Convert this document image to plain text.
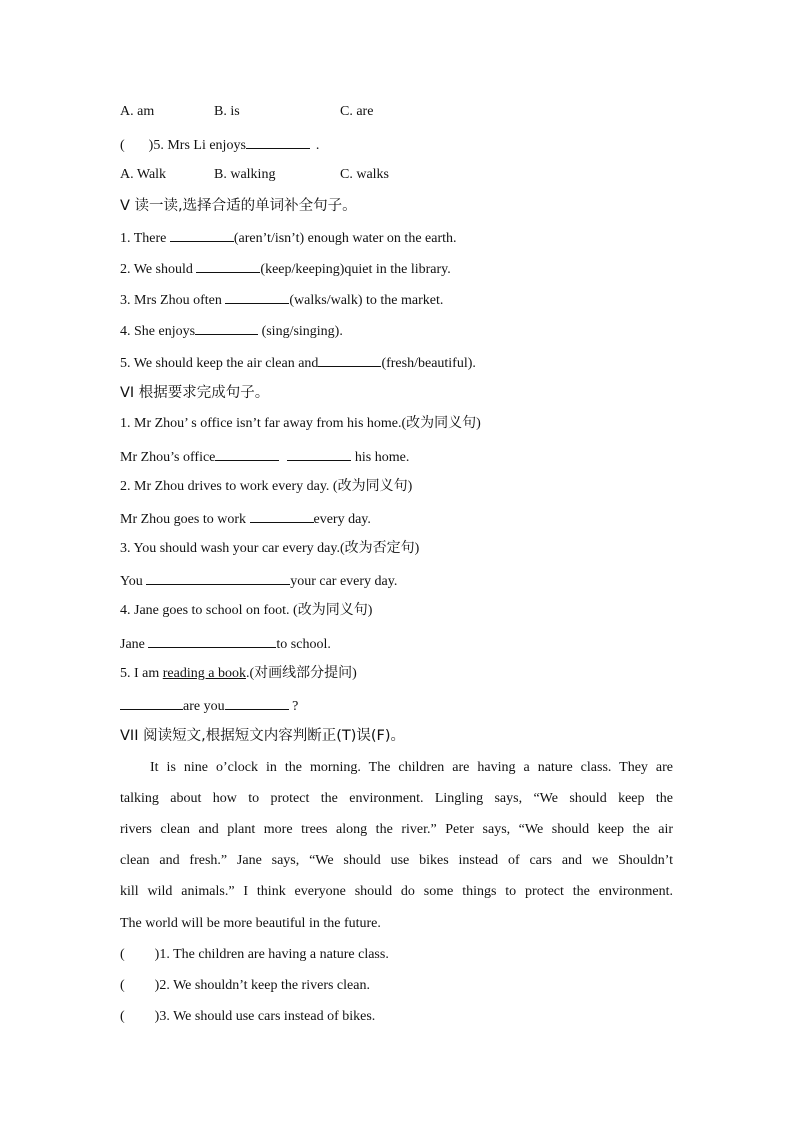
A. am	B. is	C. are
( )5. Mrs Li enjoys	.
A. Walk	B. walking	C. walks
V 读一读,选择合适的单词补全句子。
1. There	(aren’t/isn’t) enough water on the earth.
2. We should	(keep/keeping)quiet in the library.
3. Mrs Zhou often	(walks/walk) to the market.
4. She enjoys	(sing/singing).
5. We should keep the air clean and	(fresh/beautiful).
VI 根据要求完成句子。
1. Mr Zhou’ s office isn’t far away from his home.(改为同义句)
Mr Zhou’s office	his home.
2. Mr Zhou drives to work every day. (改为同义句)
Mr Zhou goes to work	every day.
3. You should wash your car every day.(改为否定句)
You	your car every day.
4. Jane goes to school on foot. (改为同义句)
Jane	to school.
5. I am reading a book.(对画线部分提问)
are you	?
VII 阅读短文,根据短文内容判断正(T)误(F)。
It is nine o’clock in the morning. The children are having a nature class. They are
talking about how to protect the environment. Lingling says, “We should keep the
rivers clean and plant more trees along the river.” Peter says, “We should keep the air
clean and fresh.” Jane says, “We should use bikes instead of cars and we Shouldn’t
kill wild animals.” I think everyone should do some things to protect the environment.
The world will be more beautiful in the future.
( )1. The children are having a nature class.
( )2. We shouldn’t keep the rivers clean.
( )3. We should use cars instead of bikes.
